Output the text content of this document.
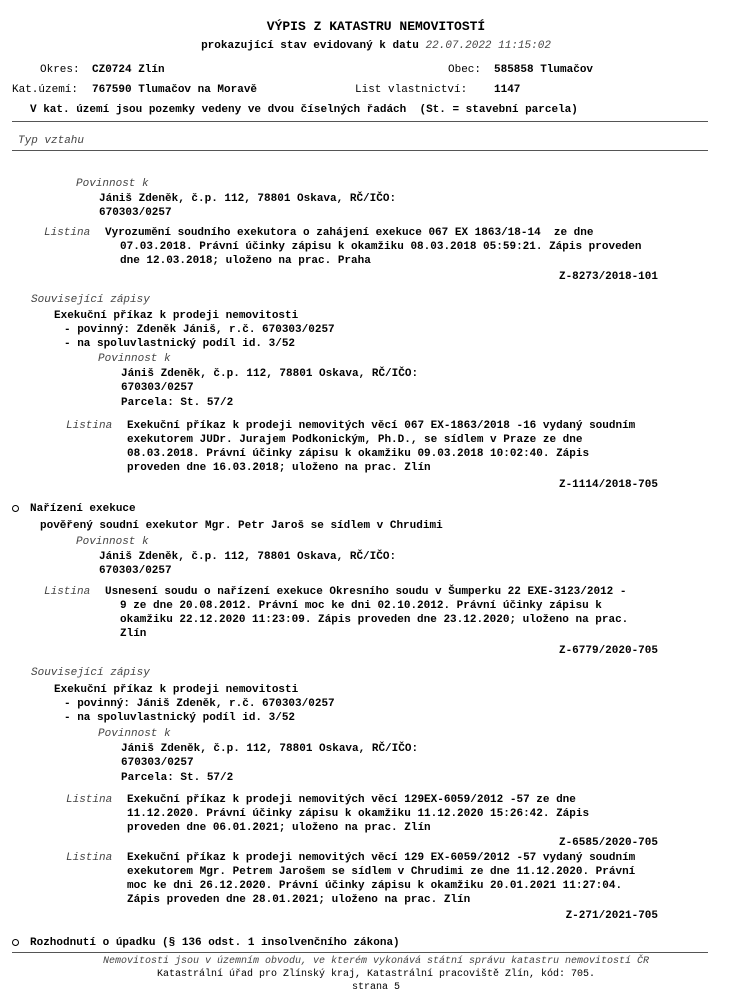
VÝPIS Z KATASTRU NEMOVITOSTÍ
prokazující stav evidovaný k datu 22.07.2022 11:15:02
Okres: CZ0724 Zlín	Obec: 585858 Tlumačov
Kat.území: 767590 Tlumačov na Moravě	List vlastnictví: 1147
V kat. území jsou pozemky vedeny ve dvou číselných řadách  (St. = stavební parcela)
Typ vztahu
Povinnost k
Jániš Zdeněk, č.p. 112, 78801 Oskava, RČ/IČO:
670303/0257
Listina Vyrozumění soudního exekutora o zahájení exekuce 067 EX 1863/18-14  ze dne
07.03.2018. Právní účinky zápisu k okamžiku 08.03.2018 05:59:21. Zápis proveden
dne 12.03.2018; uloženo na prac. Praha
Z-8273/2018-101
Související zápisy
Exekuční příkaz k prodeji nemovitosti
- povinný: Zdeněk Jániš, r.č. 670303/0257
- na spoluvlastnický podíl id. 3/52
Povinnost k
Jániš Zdeněk, č.p. 112, 78801 Oskava, RČ/IČO:
670303/0257
Parcela: St. 57/2
Listina Exekuční příkaz k prodeji nemovitých věcí 067 EX-1863/2018 -16 vydaný soudním
exekutorem JUDr. Jurajem Podkonickým, Ph.D., se sídlem v Praze ze dne
08.03.2018. Právní účinky zápisu k okamžiku 09.03.2018 10:02:40. Zápis
proveden dne 16.03.2018; uloženo na prac. Zlín
Z-1114/2018-705
Nařízení exekuce
pověřený soudní exekutor Mgr. Petr Jaroš se sídlem v Chrudimi
Povinnost k
Jániš Zdeněk, č.p. 112, 78801 Oskava, RČ/IČO:
670303/0257
Listina Usnesení soudu o nařízení exekuce Okresního soudu v Šumperku 22 EXE-3123/2012 -
9 ze dne 20.08.2012. Právní moc ke dni 02.10.2012. Právní účinky zápisu k
okamžiku 22.12.2020 11:23:09. Zápis proveden dne 23.12.2020; uloženo na prac.
Zlín
Z-6779/2020-705
Související zápisy
Exekuční příkaz k prodeji nemovitosti
- povinný: Jániš Zdeněk, r.č. 670303/0257
- na spoluvlastnický podíl id. 3/52
Povinnost k
Jániš Zdeněk, č.p. 112, 78801 Oskava, RČ/IČO:
670303/0257
Parcela: St. 57/2
Listina Exekuční příkaz k prodeji nemovitých věcí 129EX-6059/2012 -57 ze dne
11.12.2020. Právní účinky zápisu k okamžiku 11.12.2020 15:26:42. Zápis
proveden dne 06.01.2021; uloženo na prac. Zlín
Z-6585/2020-705
Listina Exekuční příkaz k prodeji nemovitých věcí 129 EX-6059/2012 -57 vydaný soudním
exekutorem Mgr. Petrem Jarošem se sídlem v Chrudimi ze dne 11.12.2020. Právní
moc ke dni 26.12.2020. Právní účinky zápisu k okamžiku 20.01.2021 11:27:04.
Zápis proveden dne 28.01.2021; uloženo na prac. Zlín
Z-271/2021-705
Rozhodnutí o úpadku (§ 136 odst. 1 insolvenčního zákona)
Nemovitosti jsou v územním obvodu, ve kterém vykonává státní správu katastru nemovitostí ČR
Katastrální úřad pro Zlínský kraj, Katastrální pracoviště Zlín, kód: 705.
strana 5
